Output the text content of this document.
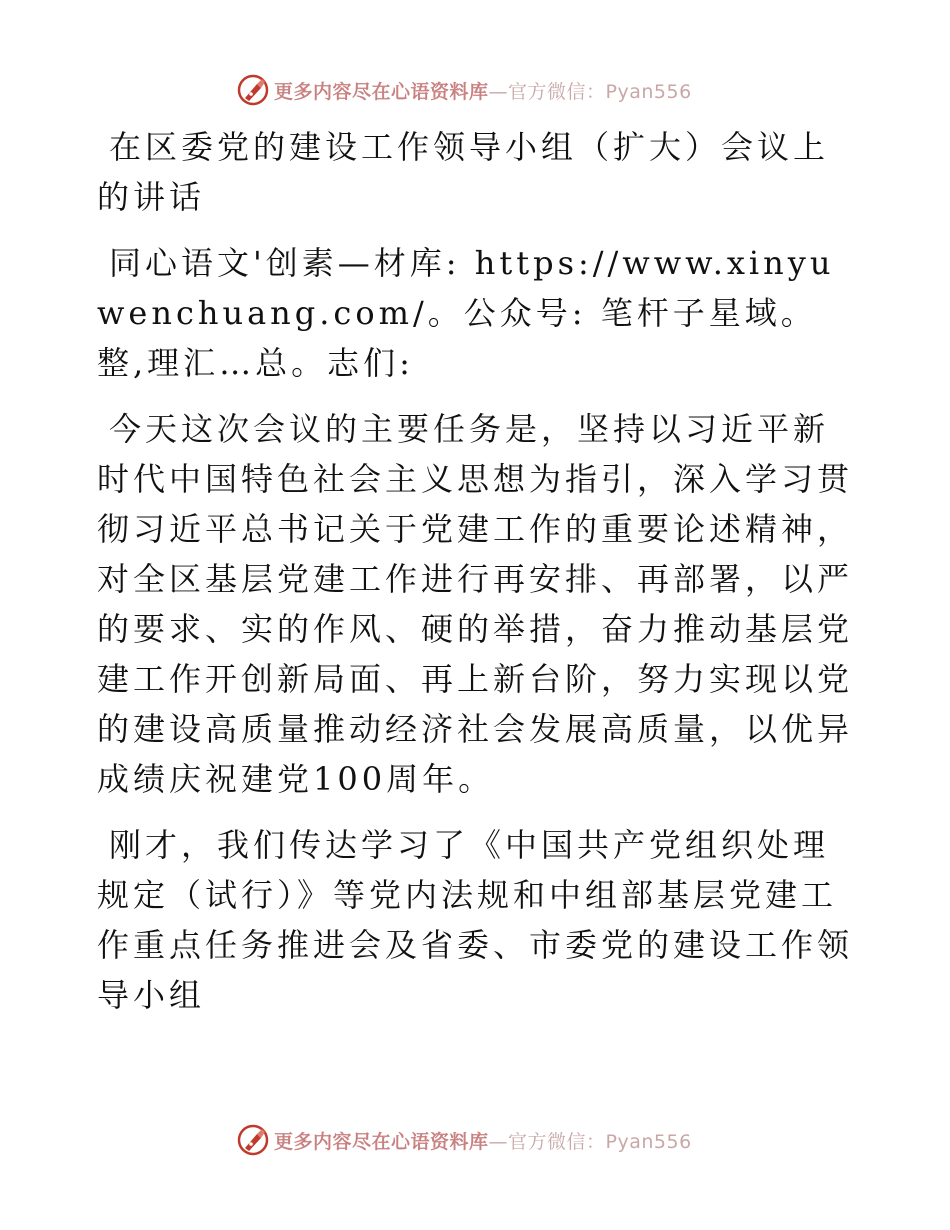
更多内容尽在心语资料库—官方微信：Pyan556

在区委党的建设工作领导小组（扩大）会议上的讲话

同心语文'创素—材库: https://www.xinyuwenchuang.com/。公众号: 笔杆子星域。整,理汇…总。志们:

今天这次会议的主要任务是，坚持以习近平新时代中国特色社会主义思想为指引，深入学习贯彻习近平总书记关于党建工作的重要论述精神，对全区基层党建工作进行再安排、再部署，以严的要求、实的作风、硬的举措，奋力推动基层党建工作开创新局面、再上新台阶，努力实现以党的建设高质量推动经济社会发展高质量，以优异成绩庆祝建党100周年。

刚才，我们传达学习了《中国共产党组织处理规定（试行）》等党内法规和中组部基层党建工作重点任务推进会及省委、市委党的建设工作领导小组

更多内容尽在心语资料库—官方微信：Pyan556
